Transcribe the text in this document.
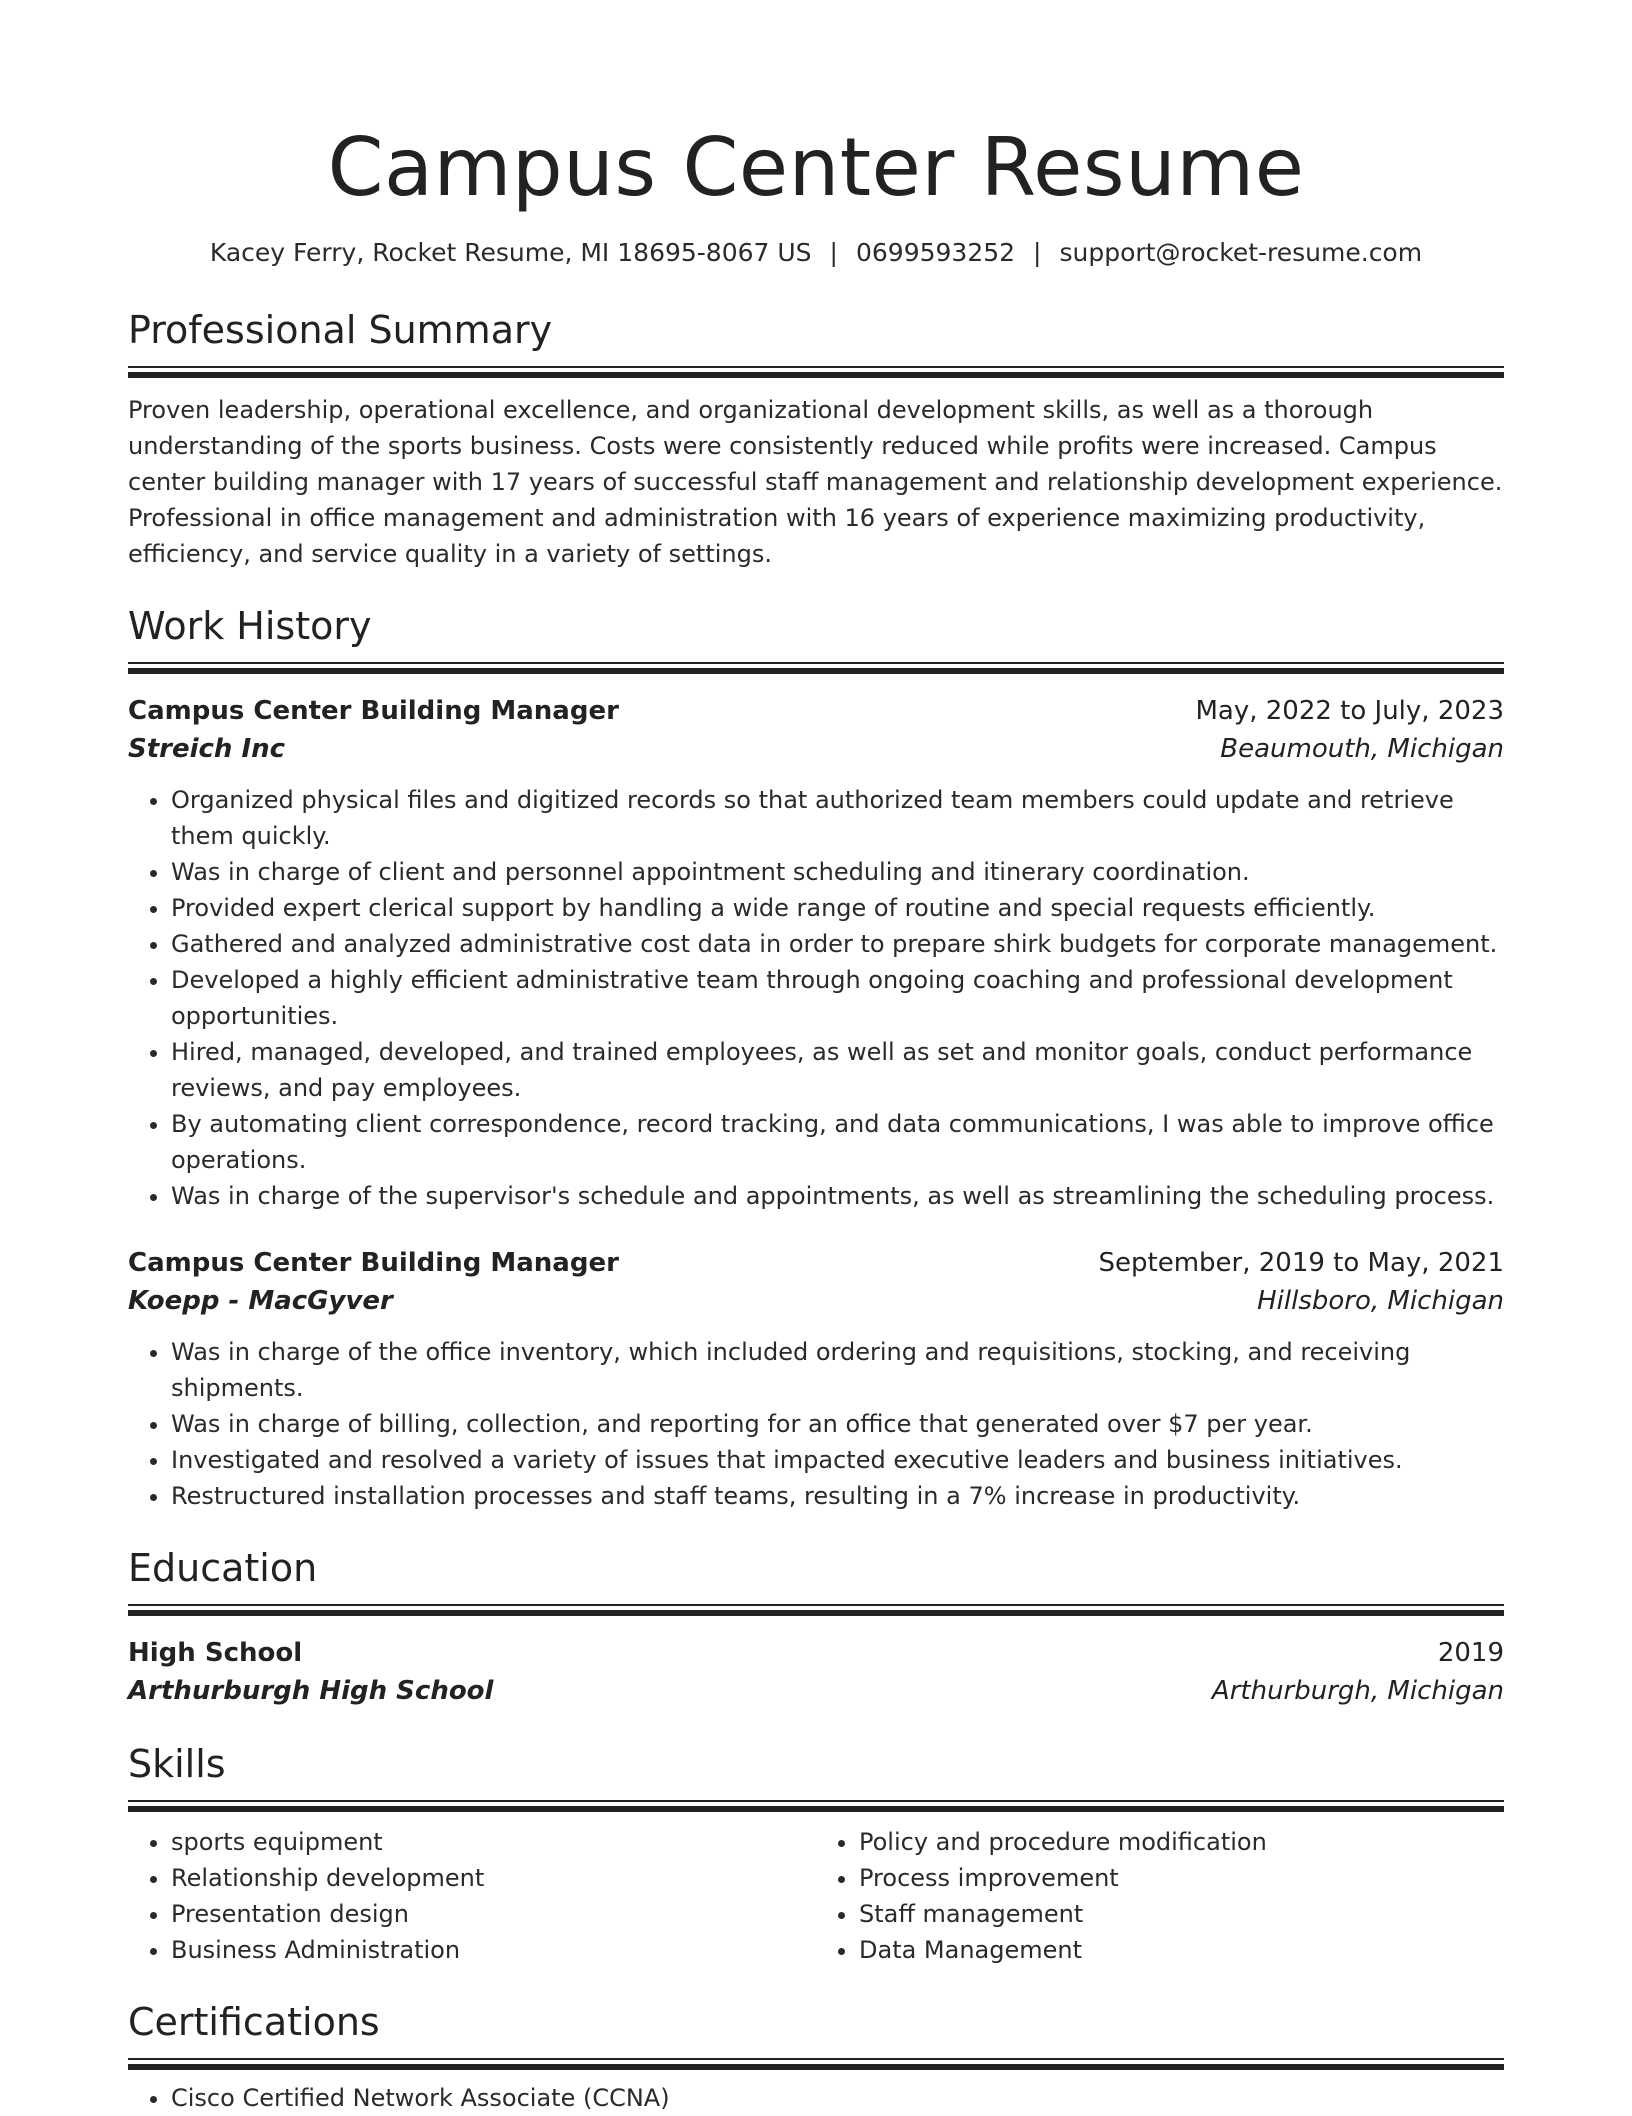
Campus Center Resume
Kacey Ferry, Rocket Resume, MI 18695-8067 US | 0699593252 | support@rocket-resume.com
Professional Summary
Proven leadership, operational excellence, and organizational development skills, as well as a thorough understanding of the sports business. Costs were consistently reduced while profits were increased. Campus center building manager with 17 years of successful staff management and relationship development experience. Professional in office management and administration with 16 years of experience maximizing productivity, efficiency, and service quality in a variety of settings.
Work History
Campus Center Building Manager	May, 2022 to July, 2023
Streich Inc	Beaumouth, Michigan
• Organized physical files and digitized records so that authorized team members could update and retrieve them quickly.
• Was in charge of client and personnel appointment scheduling and itinerary coordination.
• Provided expert clerical support by handling a wide range of routine and special requests efficiently.
• Gathered and analyzed administrative cost data in order to prepare shirk budgets for corporate management.
• Developed a highly efficient administrative team through ongoing coaching and professional development opportunities.
• Hired, managed, developed, and trained employees, as well as set and monitor goals, conduct performance reviews, and pay employees.
• By automating client correspondence, record tracking, and data communications, I was able to improve office operations.
• Was in charge of the supervisor's schedule and appointments, as well as streamlining the scheduling process.
Campus Center Building Manager	September, 2019 to May, 2021
Koepp - MacGyver	Hillsboro, Michigan
• Was in charge of the office inventory, which included ordering and requisitions, stocking, and receiving shipments.
• Was in charge of billing, collection, and reporting for an office that generated over $7 per year.
• Investigated and resolved a variety of issues that impacted executive leaders and business initiatives.
• Restructured installation processes and staff teams, resulting in a 7% increase in productivity.
Education
High School	2019
Arthurburgh High School	Arthurburgh, Michigan
Skills
• sports equipment
• Relationship development
• Presentation design
• Business Administration
• Policy and procedure modification
• Process improvement
• Staff management
• Data Management
Certifications
• Cisco Certified Network Associate (CCNA)
